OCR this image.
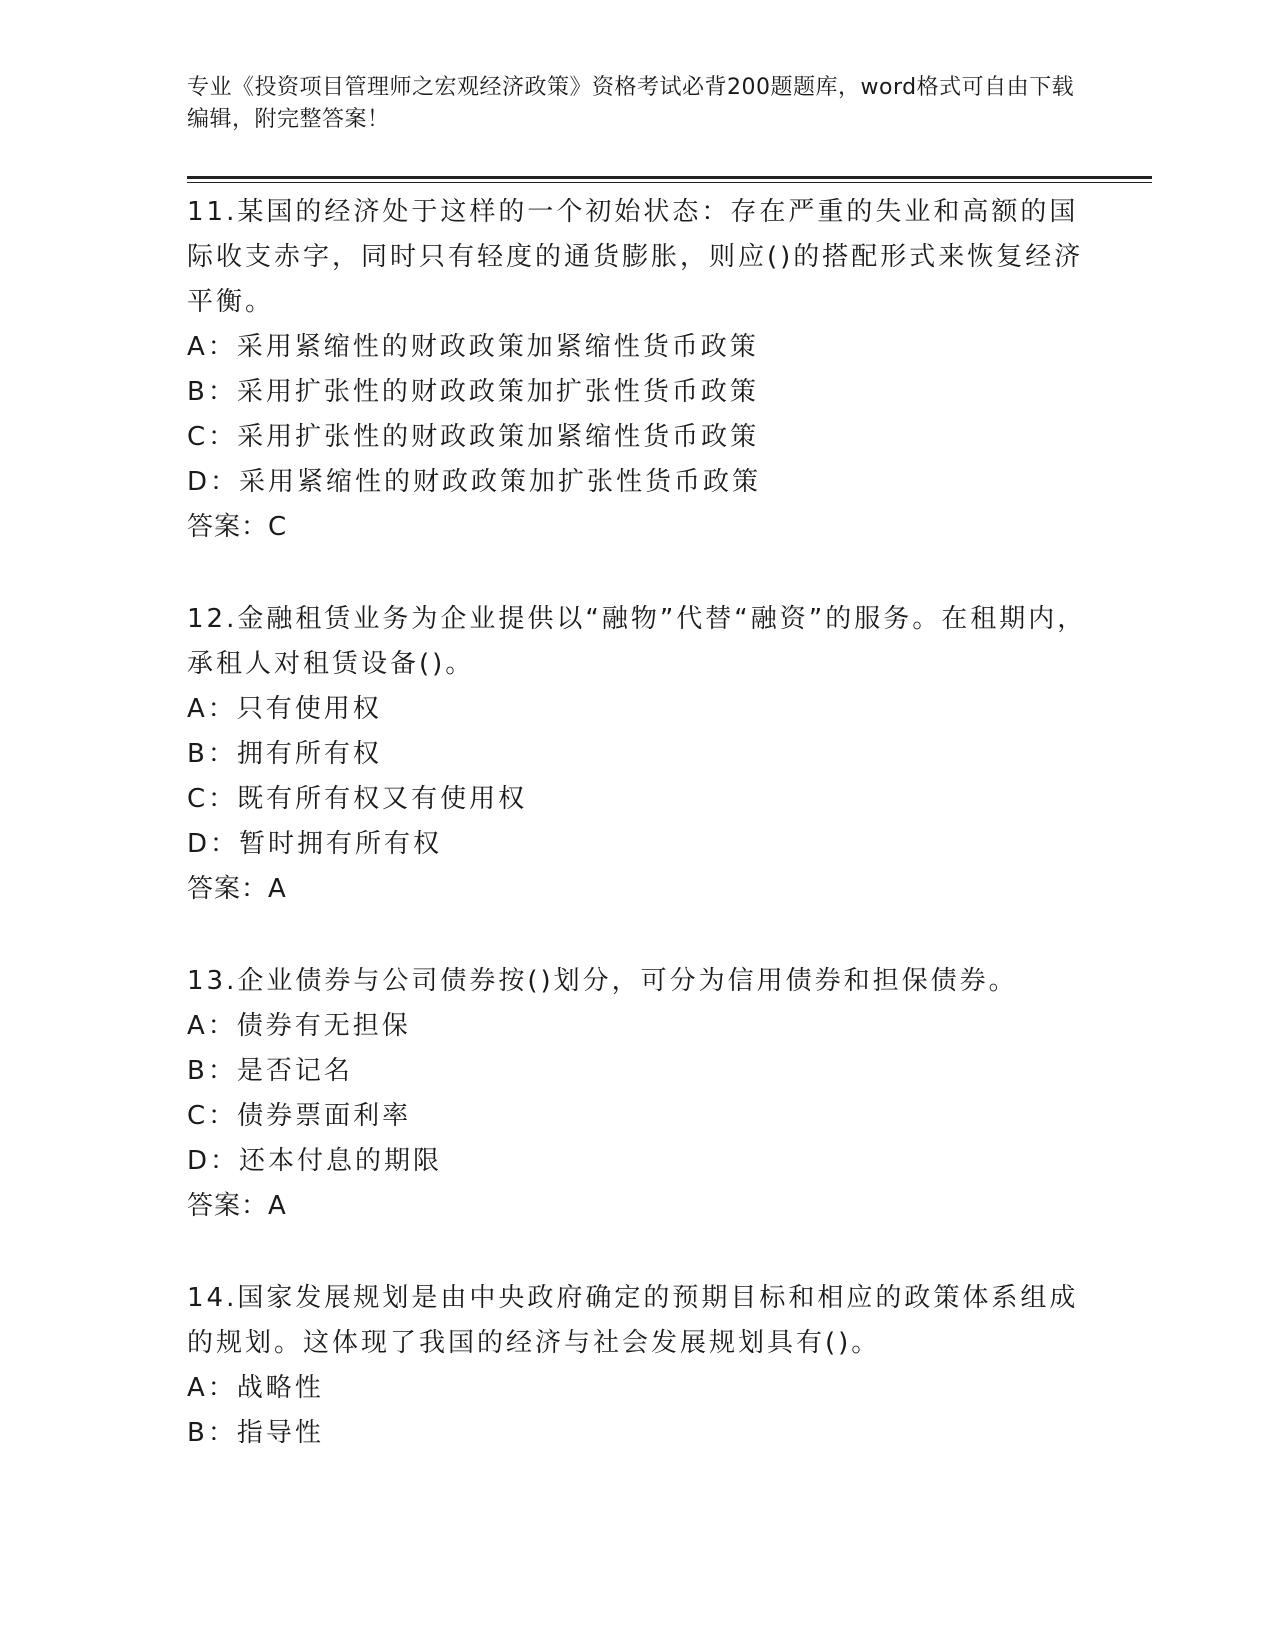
专业《投资项目管理师之宏观经济政策》资格考试必背200题题库，word格式可自由下载编辑，附完整答案！

11.某国的经济处于这样的一个初始状态：存在严重的失业和高额的国际收支赤字，同时只有轻度的通货膨胀，则应()的搭配形式来恢复经济平衡。

A：采用紧缩性的财政政策加紧缩性货币政策

B：采用扩张性的财政政策加扩张性货币政策

C：采用扩张性的财政政策加紧缩性货币政策

D：采用紧缩性的财政政策加扩张性货币政策

答案：C

12.金融租赁业务为企业提供以“融物”代替“融资”的服务。在租期内，承租人对租赁设备()。

A：只有使用权

B：拥有所有权

C：既有所有权又有使用权

D：暂时拥有所有权

答案：A

13.企业债券与公司债券按()划分，可分为信用债券和担保债券。

A：债券有无担保

B：是否记名

C：债券票面利率

D：还本付息的期限

答案：A

14.国家发展规划是由中央政府确定的预期目标和相应的政策体系组成的规划。这体现了我国的经济与社会发展规划具有()。

A：战略性

B：指导性
